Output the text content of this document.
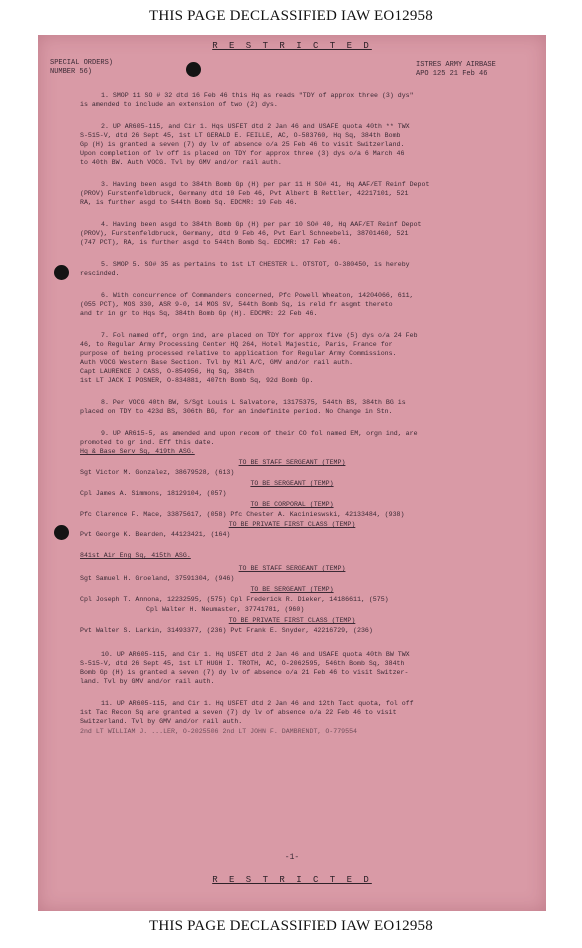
THIS PAGE DECLASSIFIED IAW EO12958
R E S T R I C T E D
SPECIAL ORDERS)
NUMBER 56)
ISTRES ARMY AIRBASE
APO 125 21 Feb 46
1. SMOP 11 SO # 32 dtd 16 Feb 46 this Hq as reads "TDY of approx three (3) dys"
is amended to include an extension of two (2) dys.
2. UP AR605-115, and Cir 1. Hqs USFET dtd 2 Jan 46 and USAFE quota 40th ** TWX
S-515-V, dtd 26 Sept 45, 1st LT GERALD E. FEILLE, AC, O-583760, Hq Sq, 384th Bomb
Gp (H) is granted a seven (7) dy lv of absence o/a 25 Feb 46 to visit Switzerland.
Upon completion of lv off is placed on TDY for approx three (3) dys o/a 6 March 46
to 40th BW. Auth VOCG. Tvl by GMV and/or rail auth.
3. Having been asgd to 384th Bomb Gp (H) per par 11 H SO# 41, Hq AAF/ET Reinf Depot
(PROV) Furstenfeldbruck, Germany dtd 10 Feb 46, Pvt Albert B Rettler, 42217101, 521
RA, is further asgd to 544th Bomb Sq. EDCMR: 19 Feb 46.
4. Having been asgd to 384th Bomb Gp (H) per par 10 SO# 40, Hq AAF/ET Reinf Depot
(PROV), Furstenfeldbruck, Germany, dtd 9 Feb 46, Pvt Earl Schneebeli, 38701460, 521
(747 PCT), RA, is further asgd to 544th Bomb Sq. EDCMR: 17 Feb 46.
5. SMOP 5. SO# 35 as pertains to 1st LT CHESTER L. OTSTOT, O-380450, is hereby
rescinded.
6. With concurrence of Commanders concerned, Pfc Powell Wheaton, 14204066, 611,
(055 PCT), MOS 330, ASR 9-0, 14 MOS SV, 544th Bomb Sq, is reld fr asgmt thereto
and tr in gr to Hqs Sq, 384th Bomb Gp (H). EDCMR: 22 Feb 46.
7. Fol named off, orgn ind, are placed on TDY for approx five (5) dys o/a 24 Feb
46, to Regular Army Processing Center HQ 264, Hotel Majestic, Paris, France for
purpose of being processed relative to application for Regular Army Commissions.
Auth VOCG Western Base Section. Tvl by Mil A/C, GMV and/or rail auth.
Capt LAURENCE J CASS, O-854956, Hq Sq, 384th
1st LT JACK I POSNER, O-834881, 407th Bomb Sq, 92d Bomb Gp.
8. Per VOCG 40th BW, S/Sgt Louis L Salvatore, 13175375, 544th BS, 384th BG is
placed on TDY to 423d BS, 306th BG, for an indefinite period. No Change in Stn.
9. UP AR615-5, as amended and upon recom of their CO fol named EM, orgn ind, are
promoted to gr ind. Eff this date.
Hq & Base Serv Sq, 419th ASG.
TO BE STAFF SERGEANT (TEMP)
Sgt Victor M. Gonzalez, 38679528, (613)
TO BE SERGEANT (TEMP)
Cpl James A. Simmons, 18129104, (057)
TO BE CORPORAL (TEMP)
Pfc Clarence F. Mace, 33875617, (058) Pfc Chester A. Kacinieswski, 42133484, (938)
TO BE PRIVATE FIRST CLASS (TEMP)
Pvt George K. Bearden, 44123421, (164)
841st Air Eng Sq, 415th ASG.
TO BE STAFF SERGEANT (TEMP)
Sgt Samuel H. Groeland, 37591304, (946)
TO BE SERGEANT (TEMP)
Cpl Joseph T. Annona, 12232595, (575) Cpl Frederick R. Dieker, 14186611, (575)
Cpl Walter H. Neumaster, 37741781, (960)
TO BE PRIVATE FIRST CLASS (TEMP)
Pvt Walter S. Larkin, 31493377, (236) Pvt Frank E. Snyder, 42216729, (236)
10. UP AR605-115, and Cir 1. Hq USFET dtd 2 Jan 46 and USAFE quota 40th BW TWX
S-515-V, dtd 26 Sept 45, 1st LT HUGH I. TROTH, AC, O-2062595, 546th Bomb Sq, 384th
Bomb Gp (H) is granted a seven (7) dy lv of absence o/a 21 Feb 46 to visit Switzer-
land. Tvl by GMV and/or rail auth.
11. UP AR605-115, and Cir 1. Hq USFET dtd 2 Jan 46 and 12th Tact quota, fol off
1st Tac Recon Sq are granted a seven (7) dy lv of absence o/a 22 Feb 46 to visit
Switzerland. Tvl by GMV and/or rail auth.
2nd LT WILLIAM J. ...LER, O-2025506 2nd LT JOHN F. DAMBRENDT, O-779554
-1-
R E S T R I C T E D
THIS PAGE DECLASSIFIED IAW EO12958
